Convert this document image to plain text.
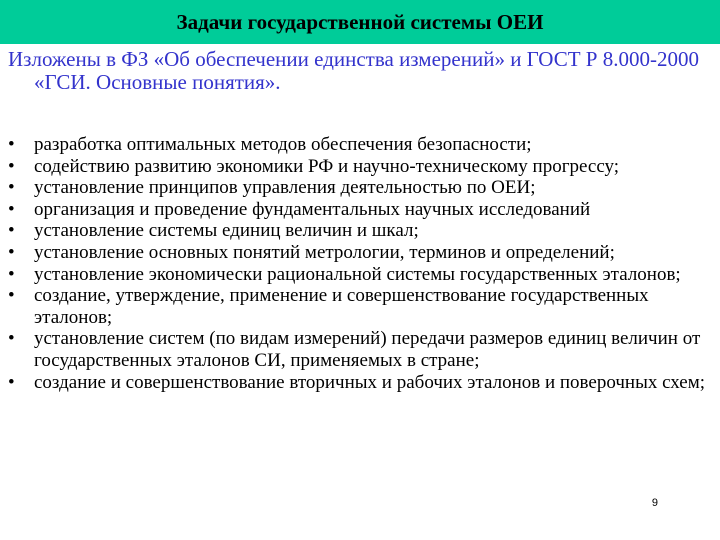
Задачи государственной системы ОЕИ
Изложены в ФЗ «Об обеспечении единства измерений» и ГОСТ Р 8.000-2000 «ГСИ. Основные понятия».
•	разработка оптимальных методов обеспечения безопасности;
•	содействию развитию экономики РФ и научно-техническому прогрессу;
•	установление принципов управления деятельностью по ОЕИ;
•	организация и проведение фундаментальных научных исследований
•	установление системы единиц величин и шкал;
•	установление основных понятий метрологии, терминов и определений;
•	установление экономически рациональной системы государственных эталонов;
•	создание, утверждение, применение и совершенствование государственных эталонов;
•	установление систем (по видам измерений) передачи размеров единиц величин от государственных эталонов СИ, применяемых в стране;
•	создание и совершенствование вторичных и рабочих эталонов и поверочных схем;
9
